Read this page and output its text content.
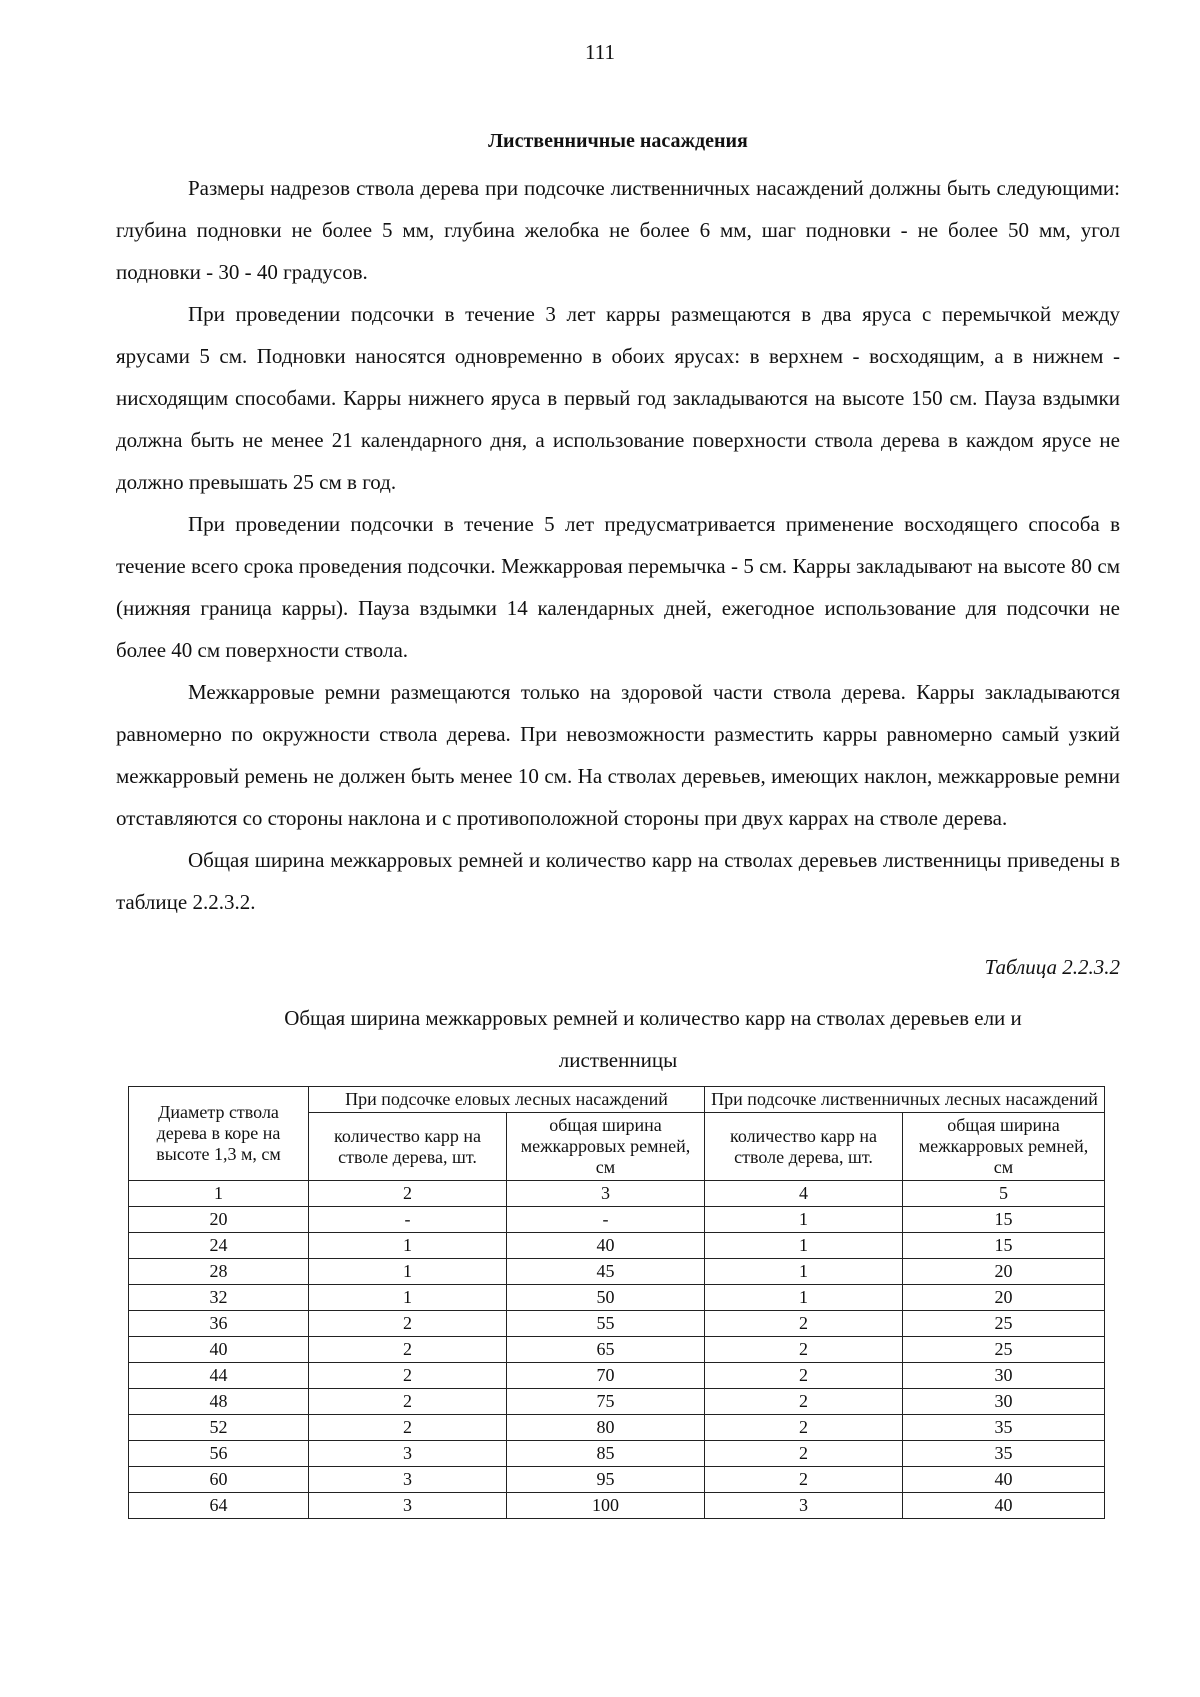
111
Лиственничные насаждения

Размеры надрезов ствола дерева при подсочке лиственничных насаждений должны быть следующими: глубина подновки не более 5 мм, глубина желобка не более 6 мм, шаг подновки - не более 50 мм, угол подновки - 30 - 40 градусов.

При проведении подсочки в течение 3 лет карры размещаются в два яруса с перемычкой между ярусами 5 см. Подновки наносятся одновременно в обоих ярусах: в верхнем - восходящим, а в нижнем - нисходящим способами. Карры нижнего яруса в первый год закладываются на высоте 150 см. Пауза вздымки должна быть не менее 21 календарного дня, а использование поверхности ствола дерева в каждом ярусе не должно превышать 25 см в год.

При проведении подсочки в течение 5 лет предусматривается применение восходящего способа в течение всего срока проведения подсочки. Межкарровая перемычка - 5 см. Карры закладывают на высоте 80 см (нижняя граница карры). Пауза вздымки 14 календарных дней, ежегодное использование для подсочки не более 40 см поверхности ствола.

Межкарровые ремни размещаются только на здоровой части ствола дерева. Карры закладываются равномерно по окружности ствола дерева. При невозможности разместить карры равномерно самый узкий межкарровый ремень не должен быть менее 10 см. На стволах деревьев, имеющих наклон, межкарровые ремни отставляются со стороны наклона и с противоположной стороны при двух каррах на стволе дерева.

Общая ширина межкарровых ремней и количество карр на стволах деревьев лиственницы приведены в таблице 2.2.3.2.

Таблица 2.2.3.2
Общая ширина межкарровых ремней и количество карр на стволах деревьев ели и
лиственницы
Диаметр ствола дерева в коре на высоте 1,3 м, см	При подсочке еловых лесных насаждений		При подсочке лиственничных лесных насаждений	
	количество карр на стволе дерева, шт.	общая ширина межкарровых ремней, см	количество карр на стволе дерева, шт.	общая ширина межкарровых ремней, см
1	2	3	4	5
20	-	-	1	15
24	1	40	1	15
28	1	45	1	20
32	1	50	1	20
36	2	55	2	25
40	2	65	2	25
44	2	70	2	30
48	2	75	2	30
52	2	80	2	35
56	3	85	2	35
60	3	95	2	40
64	3	100	3	40
